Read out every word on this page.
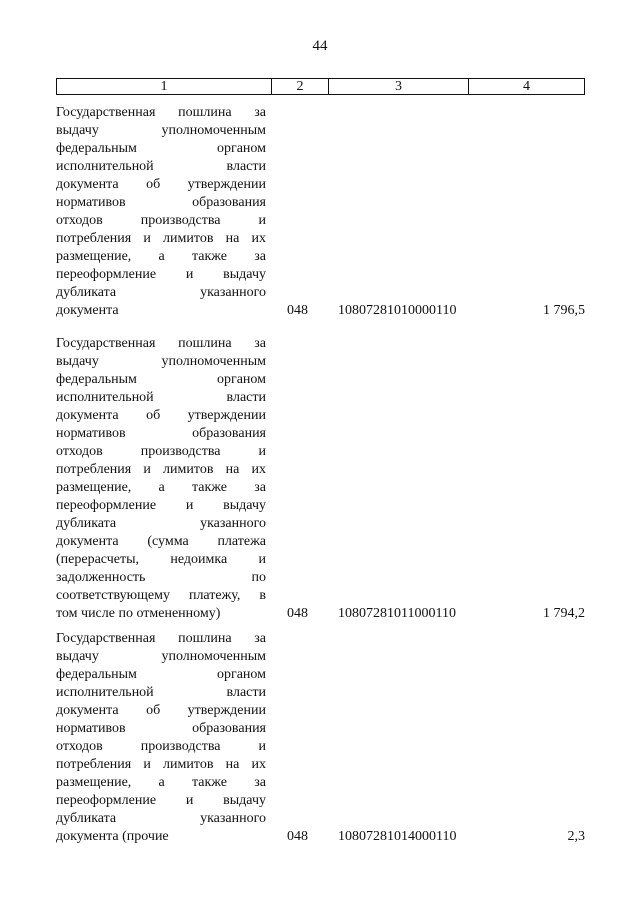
44
1	2	3	4
Государственная пошлина за
выдачу уполномоченным
федеральным органом
исполнительной власти
документа об утверждении
нормативов образования
отходов производства и
потребления и лимитов на их
размещение, а также за
переоформление и выдачу
дубликата указанного
документа	048 10807281010000110	1 796,5
Государственная пошлина за
выдачу уполномоченным
федеральным органом
исполнительной власти
документа об утверждении
нормативов образования
отходов производства и
потребления и лимитов на их
размещение, а также за
переоформление и выдачу
дубликата указанного
документа (сумма платежа
(перерасчеты, недоимка и
задолженность по
соответствующему платежу, в
том числе по отмененному)	048 10807281011000110	1 794,2
Государственная пошлина за
выдачу уполномоченным
федеральным органом
исполнительной власти
документа об утверждении
нормативов образования
отходов производства и
потребления и лимитов на их
размещение, а также за
переоформление и выдачу
дубликата указанного
документа (прочие	048 10807281014000110	2,3
